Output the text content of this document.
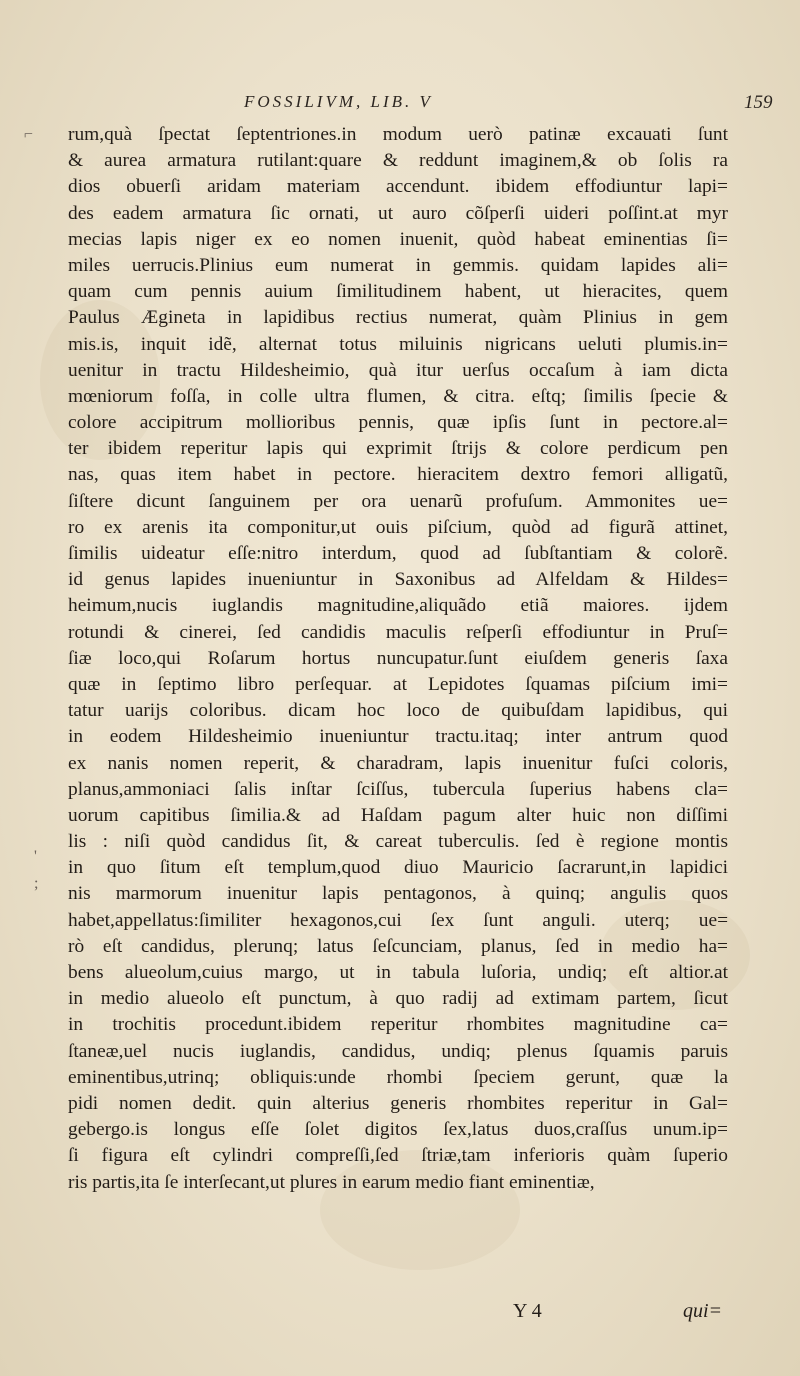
⌐
'
;
FOSSILIVM, LIB. V	159
rum,quà ſpectat ſeptentriones.in modum uerò patinæ excauati ſunt
& aurea armatura rutilant:quare & reddunt imaginem,& ob ſolis ra
dios obuerſi aridam materiam accendunt. ibidem effodiuntur lapi=
des eadem armatura ſic ornati, ut auro cõſperſi uideri poſſint.at myr
mecias lapis niger ex eo nomen inuenit, quòd habeat eminentias ſi=
miles uerrucis.Plinius eum numerat in gemmis. quidam lapides ali=
quam cum pennis auium ſimilitudinem habent, ut hieracites, quem
Paulus Ægineta in lapidibus rectius numerat, quàm Plinius in gem
mis.is, inquit idẽ, alternat totus miluinis nigricans ueluti plumis.in=
uenitur in tractu Hildesheimio, quà itur uerſus occaſum à iam dicta
mœniorum foſſa, in colle ultra flumen, & citra. eſtq; ſimilis ſpecie &
colore accipitrum mollioribus pennis, quæ ipſis ſunt in pectore.al=
ter ibidem reperitur lapis qui exprimit ſtrijs & colore perdicum pen
nas, quas item habet in pectore. hieracitem dextro femori alligatũ,
ſiſtere dicunt ſanguinem per ora uenarũ profuſum. Ammonites ue=
ro ex arenis ita componitur,ut ouis piſcium, quòd ad figurã attinet,
ſimilis uideatur eſſe:nitro interdum, quod ad ſubſtantiam & colorẽ.
id genus lapides inueniuntur in Saxonibus ad Alfeldam & Hildes=
heimum,nucis iuglandis magnitudine,aliquãdo etiã maiores. ijdem
rotundi & cinerei, ſed candidis maculis reſperſi effodiuntur in Pruſ=
ſiæ loco,qui Roſarum hortus nuncupatur.ſunt eiuſdem generis ſaxa
quæ in ſeptimo libro perſequar. at Lepidotes ſquamas piſcium imi=
tatur uarijs coloribus. dicam hoc loco de quibuſdam lapidibus, qui
in eodem Hildesheimio inueniuntur tractu.itaq; inter antrum quod
ex nanis nomen reperit, & charadram, lapis inuenitur fuſci coloris,
planus,ammoniaci ſalis inſtar ſciſſus, tubercula ſuperius habens cla=
uorum capitibus ſimilia.& ad Haſdam pagum alter huic non diſſimi
lis : niſi quòd candidus ſit, & careat tuberculis. ſed è regione montis
in quo ſitum eſt templum,quod diuo Mauricio ſacrarunt,in lapidici
nis marmorum inuenitur lapis pentagonos, à quinq; angulis quos
habet,appellatus:ſimiliter hexagonos,cui ſex ſunt anguli. uterq; ue=
rò eſt candidus, plerunq; latus ſeſcunciam, planus, ſed in medio ha=
bens alueolum,cuius margo, ut in tabula luſoria, undiq; eſt altior.at
in medio alueolo eſt punctum, à quo radij ad extimam partem, ſicut
in trochitis procedunt.ibidem reperitur rhombites magnitudine ca=
ſtaneæ,uel nucis iuglandis, candidus, undiq; plenus ſquamis paruis
eminentibus,utrinq; obliquis:unde rhombi ſpeciem gerunt, quæ la
pidi nomen dedit. quin alterius generis rhombites reperitur in Gal=
gebergo.is longus eſſe ſolet digitos ſex,latus duos,craſſus unum.ip=
ſi figura eſt cylindri compreſſi,ſed ſtriæ,tam inferioris quàm ſuperio
ris partis,ita ſe interſecant,ut plures in earum medio fiant eminentiæ,
Y 4	qui=
